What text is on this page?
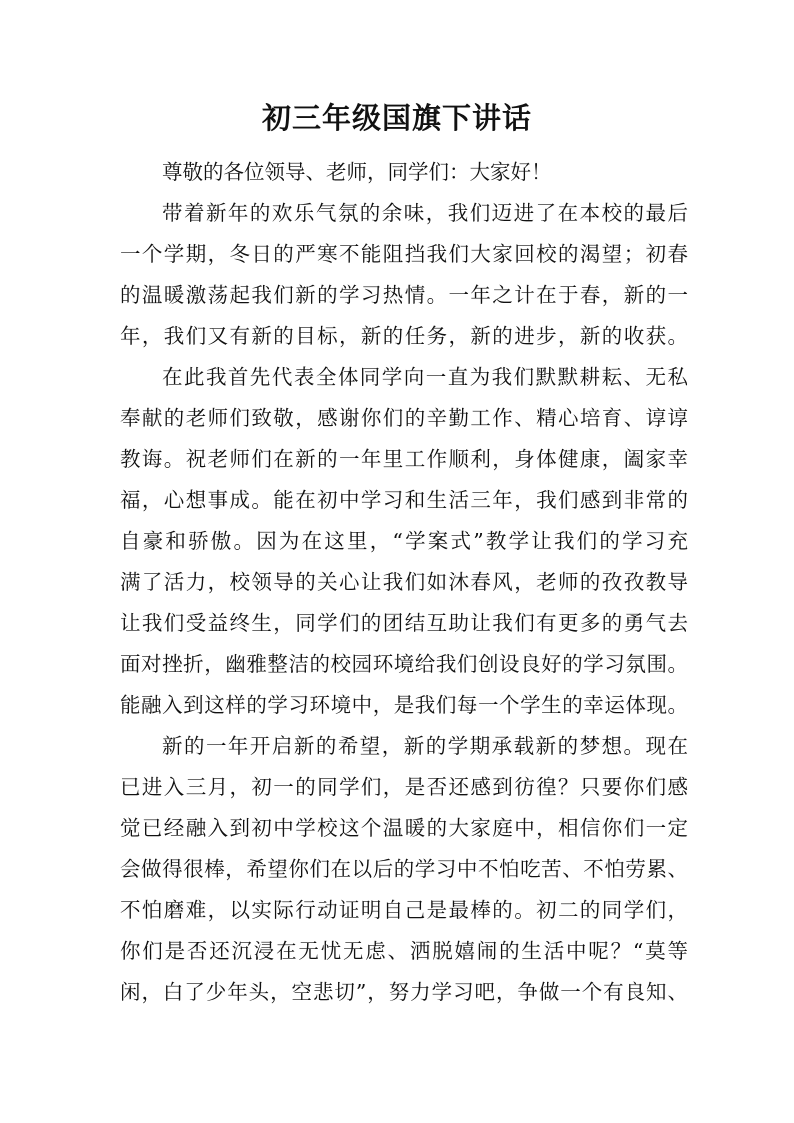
初三年级国旗下讲话
尊敬的各位领导、老师，同学们：大家好！
带着新年的欢乐气氛的余味，我们迈进了在本校的最后
一个学期，冬日的严寒不能阻挡我们大家回校的渴望；初春
的温暖激荡起我们新的学习热情。一年之计在于春，新的一
年，我们又有新的目标，新的任务，新的进步，新的收获。
在此我首先代表全体同学向一直为我们默默耕耘、无私
奉献的老师们致敬，感谢你们的辛勤工作、精心培育、谆谆
教诲。祝老师们在新的一年里工作顺利，身体健康，阖家幸
福，心想事成。能在初中学习和生活三年，我们感到非常的
自豪和骄傲。因为在这里，“学案式”教学让我们的学习充
满了活力，校领导的关心让我们如沐春风，老师的孜孜教导
让我们受益终生，同学们的团结互助让我们有更多的勇气去
面对挫折，幽雅整洁的校园环境给我们创设良好的学习氛围。
能融入到这样的学习环境中，是我们每一个学生的幸运体现。
新的一年开启新的希望，新的学期承载新的梦想。现在
已进入三月，初一的同学们，是否还感到彷徨？只要你们感
觉已经融入到初中学校这个温暖的大家庭中，相信你们一定
会做得很棒，希望你们在以后的学习中不怕吃苦、不怕劳累、
不怕磨难，以实际行动证明自己是最棒的。初二的同学们，
你们是否还沉浸在无忧无虑、洒脱嬉闹的生活中呢？“莫等
闲，白了少年头，空悲切”，努力学习吧，争做一个有良知、
